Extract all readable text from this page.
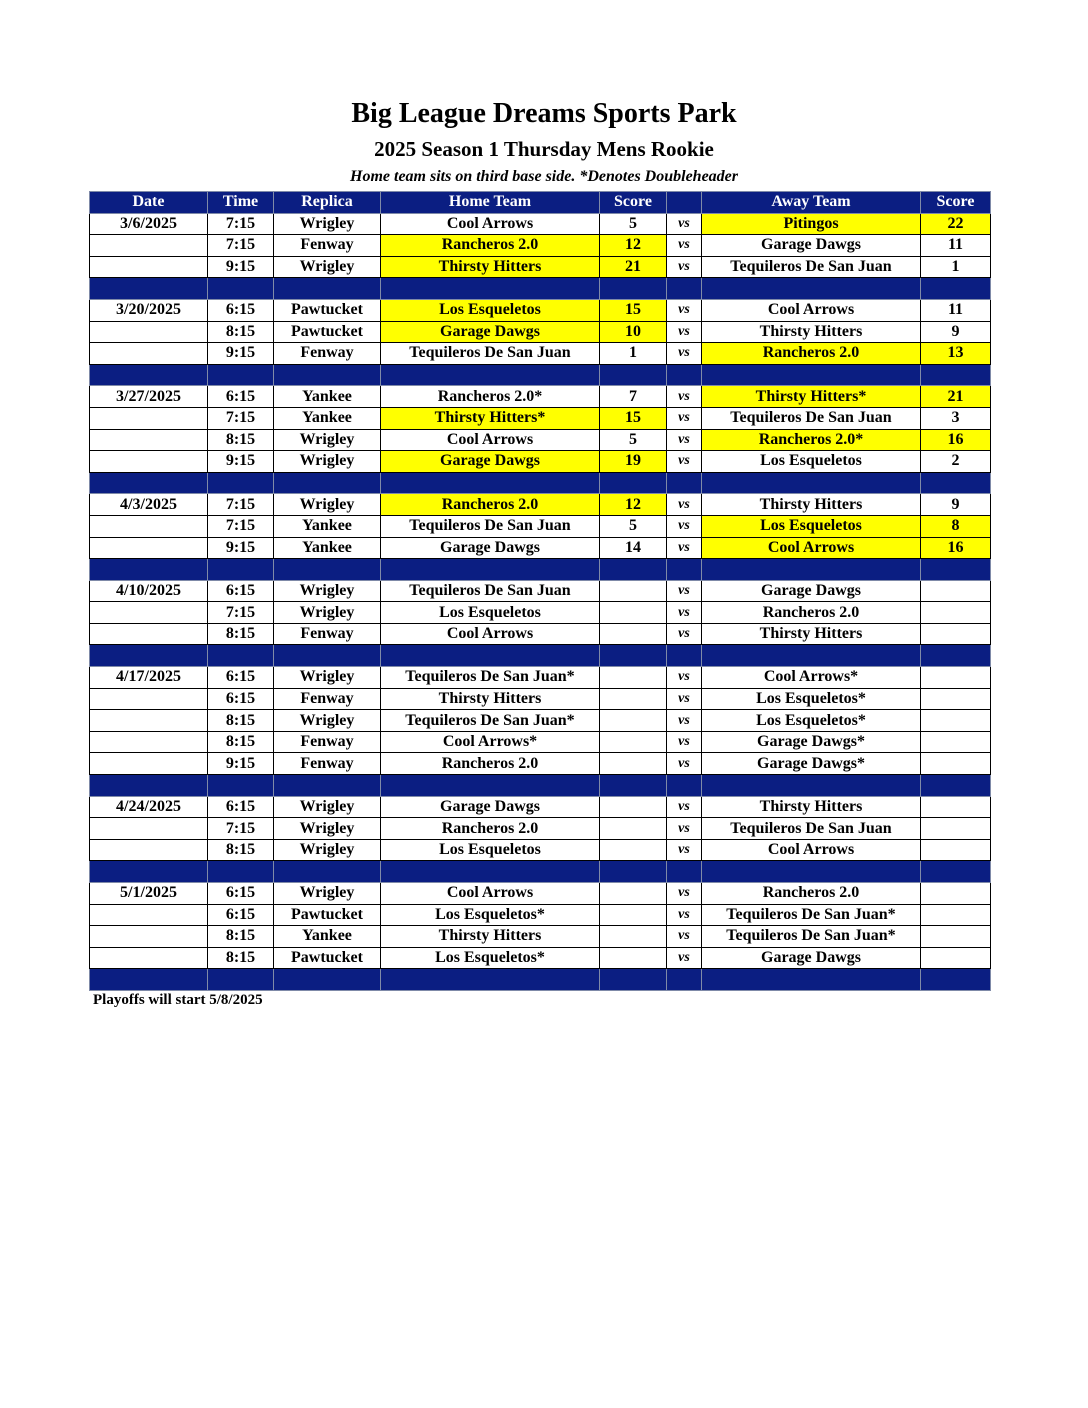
Big League Dreams Sports Park
2025 Season 1 Thursday Mens Rookie
Home team sits on third base side. *Denotes Doubleheader
Date	Time	Replica	Home Team	Score		Away Team	Score
3/6/2025	7:15	Wrigley	Cool Arrows	5	vs	Pitingos	22
	7:15	Fenway	Rancheros 2.0	12	vs	Garage Dawgs	11
	9:15	Wrigley	Thirsty Hitters	21	vs	Tequileros De San Juan	1

3/20/2025	6:15	Pawtucket	Los Esqueletos	15	vs	Cool Arrows	11
	8:15	Pawtucket	Garage Dawgs	10	vs	Thirsty Hitters	9
	9:15	Fenway	Tequileros De San Juan	1	vs	Rancheros 2.0	13

3/27/2025	6:15	Yankee	Rancheros 2.0*	7	vs	Thirsty Hitters*	21
	7:15	Yankee	Thirsty Hitters*	15	vs	Tequileros De San Juan	3
	8:15	Wrigley	Cool Arrows	5	vs	Rancheros 2.0*	16
	9:15	Wrigley	Garage Dawgs	19	vs	Los Esqueletos	2

4/3/2025	7:15	Wrigley	Rancheros 2.0	12	vs	Thirsty Hitters	9
	7:15	Yankee	Tequileros De San Juan	5	vs	Los Esqueletos	8
	9:15	Yankee	Garage Dawgs	14	vs	Cool Arrows	16

4/10/2025	6:15	Wrigley	Tequileros De San Juan		vs	Garage Dawgs	
	7:15	Wrigley	Los Esqueletos		vs	Rancheros 2.0	
	8:15	Fenway	Cool Arrows		vs	Thirsty Hitters	

4/17/2025	6:15	Wrigley	Tequileros De San Juan*		vs	Cool Arrows*	
	6:15	Fenway	Thirsty Hitters		vs	Los Esqueletos*	
	8:15	Wrigley	Tequileros De San Juan*		vs	Los Esqueletos*	
	8:15	Fenway	Cool Arrows*		vs	Garage Dawgs*	
	9:15	Fenway	Rancheros 2.0		vs	Garage Dawgs*	

4/24/2025	6:15	Wrigley	Garage Dawgs		vs	Thirsty Hitters	
	7:15	Wrigley	Rancheros 2.0		vs	Tequileros De San Juan	
	8:15	Wrigley	Los Esqueletos		vs	Cool Arrows	

5/1/2025	6:15	Wrigley	Cool Arrows		vs	Rancheros 2.0	
	6:15	Pawtucket	Los Esqueletos*		vs	Tequileros De San Juan*	
	8:15	Yankee	Thirsty Hitters		vs	Tequileros De San Juan*	
	8:15	Pawtucket	Los Esqueletos*		vs	Garage Dawgs	

Playoffs will start 5/8/2025
